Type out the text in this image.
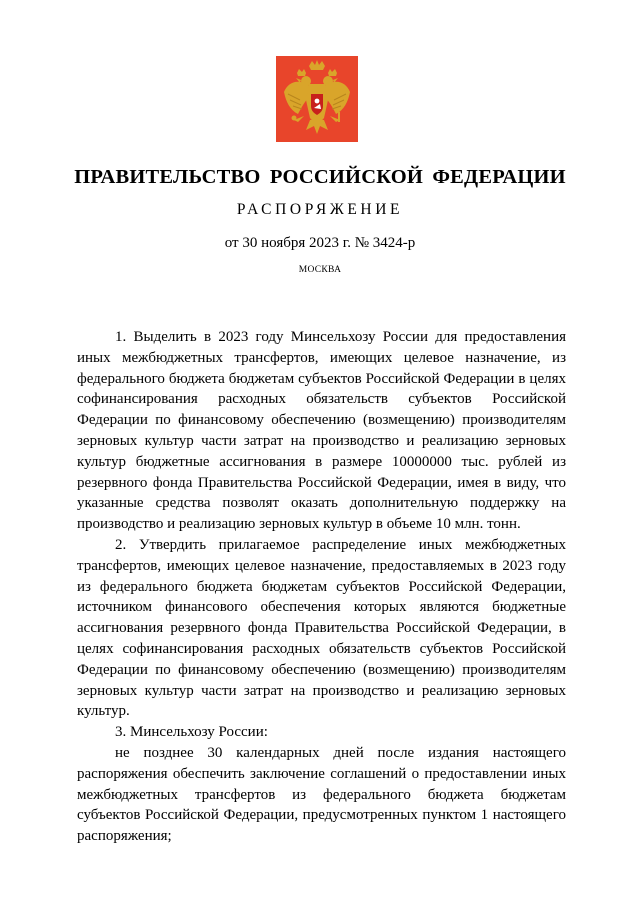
ПРАВИТЕЛЬСТВО РОССИЙСКОЙ ФЕДЕРАЦИИ
РАСПОРЯЖЕНИЕ
от 30 ноября 2023 г. № 3424-р
МОСКВА

1. Выделить в 2023 году Минсельхозу России для предоставления иных межбюджетных трансфертов, имеющих целевое назначение, из федерального бюджета бюджетам субъектов Российской Федерации в целях софинансирования расходных обязательств субъектов Российской Федерации по финансовому обеспечению (возмещению) производителям зерновых культур части затрат на производство и реализацию зерновых культур бюджетные ассигнования в размере 10000000 тыс. рублей из резервного фонда Правительства Российской Федерации, имея в виду, что указанные средства позволят оказать дополнительную поддержку на производство и реализацию зерновых культур в объеме 10 млн. тонн.

2. Утвердить прилагаемое распределение иных межбюджетных трансфертов, имеющих целевое назначение, предоставляемых в 2023 году из федерального бюджета бюджетам субъектов Российской Федерации, источником финансового обеспечения которых являются бюджетные ассигнования резервного фонда Правительства Российской Федерации, в целях софинансирования расходных обязательств субъектов Российской Федерации по финансовому обеспечению (возмещению) производителям зерновых культур части затрат на производство и реализацию зерновых культур.

3. Минсельхозу России:

не позднее 30 календарных дней после издания настоящего распоряжения обеспечить заключение соглашений о предоставлении иных межбюджетных трансфертов из федерального бюджета бюджетам субъектов Российской Федерации, предусмотренных пунктом 1 настоящего распоряжения;
